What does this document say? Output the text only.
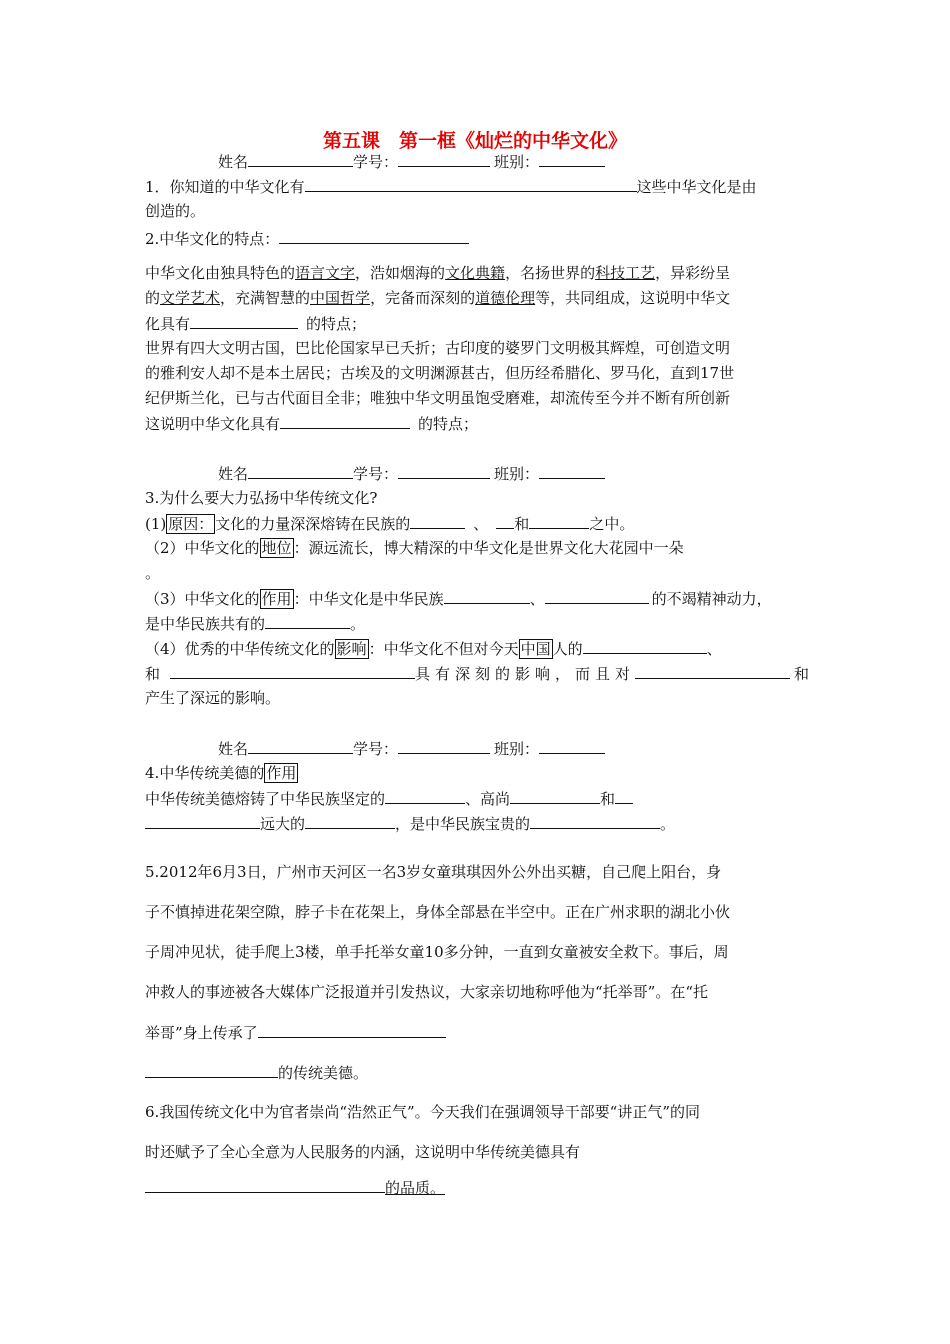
第五课　第一框《灿烂的中华文化》
姓名	学号：	班别：
1．你知道的中华文化有	这些中华文化是由
创造的。
2.中华文化的特点：
中华文化由独具特色的语言文字，浩如烟海的文化典籍，名扬世界的科技工艺，异彩纷呈
的文学艺术，充满智慧的中国哲学，完备而深刻的道德伦理等，共同组成，这说明中华文
化具有	的特点；
世界有四大文明古国，巴比伦国家早已夭折；古印度的婆罗门文明极其辉煌，可创造文明
的雅利安人却不是本土居民；古埃及的文明渊源甚古，但历经希腊化、罗马化，直到17世
纪伊斯兰化，已与古代面目全非；唯独中华文明虽饱受磨难，却流传至今并不断有所创新
这说明中华文化具有	的特点；
姓名	学号：	班别：
3.为什么要大力弘扬中华传统文化?
(1) 原因： 文化的力量深深熔铸在民族的	、 和	之中。
（2）中华文化的 地位 ：源远流长，博大精深的中华文化是世界文化大花园中一朵
。
（3）中华文化的 作用 ：中华文化是中华民族	、	的不竭精神动力，
是中华民族共有的	。
（4）优秀的中华传统文化的 影响 ：中华文化不但对今天 中国 人的	、
和	具有深刻的影响，而且对	和
产生了深远的影响。
姓名	学号：	班别：
4.中华传统美德的 作用
中华传统美德熔铸了中华民族坚定的	、高尚	和
远大的	，是中华民族宝贵的	。
5.2012年6月3日，广州市天河区一名3岁女童琪琪因外公外出买糖，自己爬上阳台，身
子不慎掉进花架空隙，脖子卡在花架上，身体全部悬在半空中。正在广州求职的湖北小伙
子周冲见状，徒手爬上3楼，单手托举女童10多分钟，一直到女童被安全救下。事后，周
冲救人的事迹被各大媒体广泛报道并引发热议，大家亲切地称呼他为“托举哥”。在“托
举哥”身上传承了
的传统美德。
6.我国传统文化中为官者崇尚“浩然正气”。今天我们在强调领导干部要“讲正气”的同
时还赋予了全心全意为人民服务的内涵，这说明中华传统美德具有
的品质。
